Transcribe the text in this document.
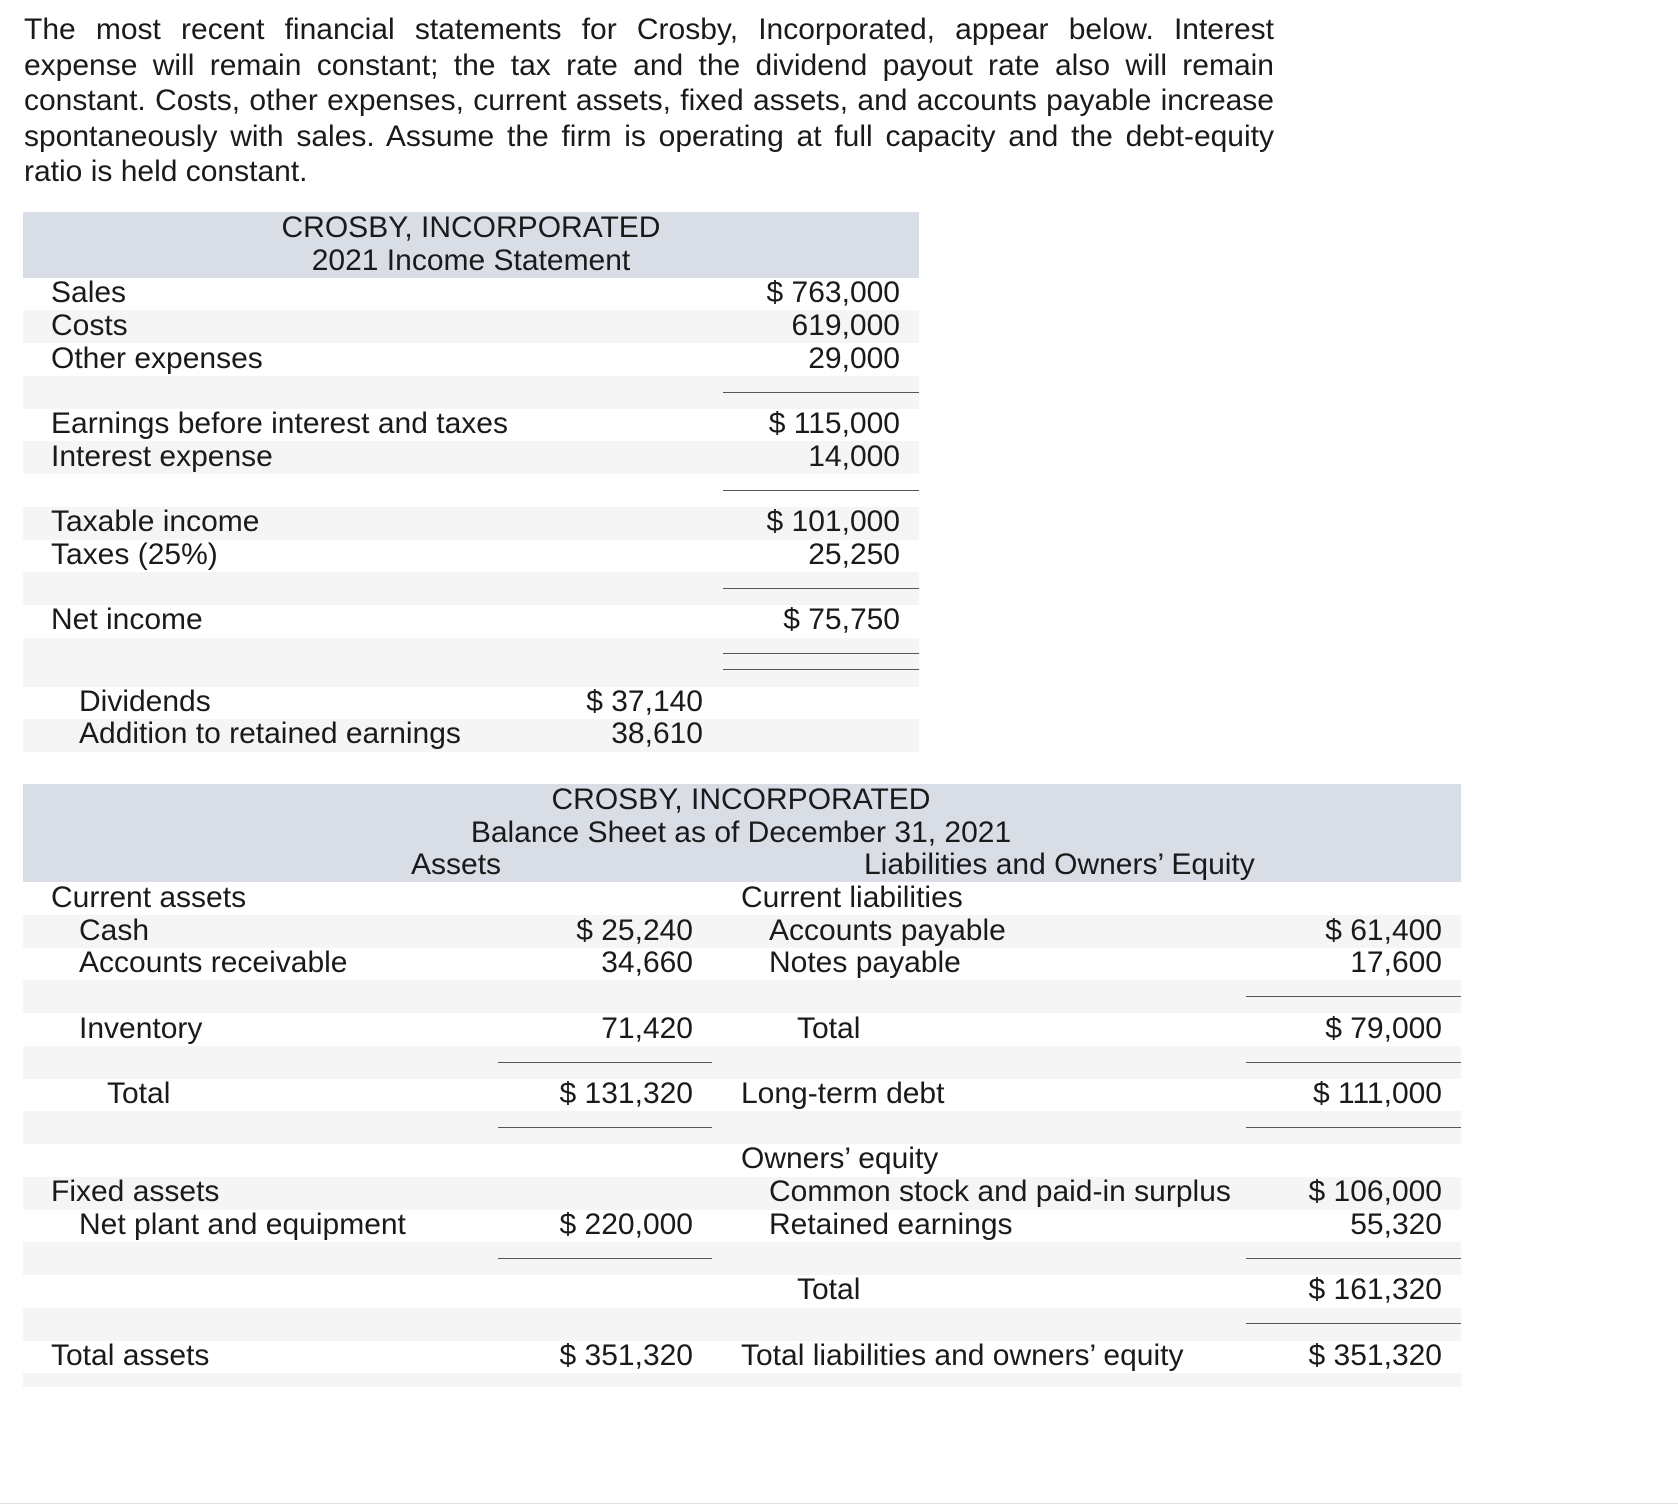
The most recent financial statements for Crosby, Incorporated, appear below. Interest expense will remain constant; the tax rate and the dividend payout rate also will remain constant. Costs, other expenses, current assets, fixed assets, and accounts payable increase spontaneously with sales. Assume the firm is operating at full capacity and the debt-equity ratio is held constant.

CROSBY, INCORPORATED
2021 Income Statement
Sales
Costs
Other expenses
Earnings before interest and taxes
Interest expense
Taxable income
Taxes (25%)
Net income
Dividends
Addition to retained earnings
$ 763,000
619,000
29,000
$ 115,000
14,000
$ 101,000
25,250
$ 75,750
$ 37,140
38,610
CROSBY, INCORPORATED
Balance Sheet as of December 31, 2021
Assets	Liabilities and Owners’ Equity
Current assets
Cash
Accounts receivable
Inventory
Total
Fixed assets
Net plant and equipment
Total assets
$ 25,240
34,660
71,420
$ 131,320
$ 220,000
$ 351,320
Current liabilities
Accounts payable
Notes payable
Total
Long-term debt
Owners’ equity
Common stock and paid-in surplus
Retained earnings
Total
Total liabilities and owners’ equity
$ 61,400
17,600
$ 79,000
$ 111,000
$ 106,000
55,320
$ 161,320
$ 351,320
